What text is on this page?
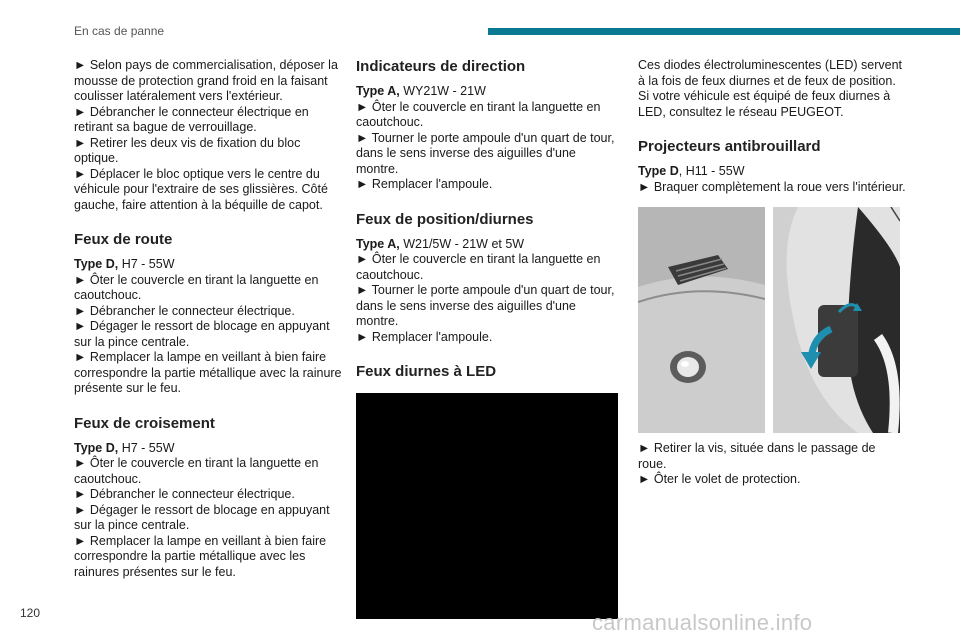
En cas de panne
► Selon pays de commercialisation, déposer la mousse de protection grand froid en la faisant coulisser latéralement vers l'extérieur.
► Débrancher le connecteur électrique en retirant sa bague de verrouillage.
► Retirer les deux vis de fixation du bloc optique.
► Déplacer le bloc optique vers le centre du véhicule pour l'extraire de ses glissières. Côté gauche, faire attention à la béquille de capot.
Feux de route
Type D, H7 - 55W
► Ôter le couvercle en tirant la languette en caoutchouc.
► Débrancher le connecteur électrique.
► Dégager le ressort de blocage en appuyant sur la pince centrale.
► Remplacer la lampe en veillant à bien faire correspondre la partie métallique avec la rainure présente sur le feu.
Feux de croisement
Type D, H7 - 55W
► Ôter le couvercle en tirant la languette en caoutchouc.
► Débrancher le connecteur électrique.
► Dégager le ressort de blocage en appuyant sur la pince centrale.
► Remplacer la lampe en veillant à bien faire correspondre la partie métallique avec les rainures présentes sur le feu.
Indicateurs de direction
Type A, WY21W - 21W
► Ôter le couvercle en tirant la languette en caoutchouc.
► Tourner le porte ampoule d'un quart de tour, dans le sens inverse des aiguilles d'une montre.
► Remplacer l'ampoule.
Feux de position/diurnes
Type A, W21/5W - 21W et 5W
► Ôter le couvercle en tirant la languette en caoutchouc.
► Tourner le porte ampoule d'un quart de tour, dans le sens inverse des aiguilles d'une montre.
► Remplacer l'ampoule.
Feux diurnes à LED
Ces diodes électroluminescentes (LED) servent à la fois de feux diurnes et de feux de position. Si votre véhicule est équipé de feux diurnes à LED, consultez le réseau PEUGEOT.
Projecteurs antibrouillard
Type D, H11 - 55W
► Braquer complètement la roue vers l'intérieur.
► Retirer la vis, située dans le passage de roue.
► Ôter le volet de protection.
120	carmanualsonline.info
